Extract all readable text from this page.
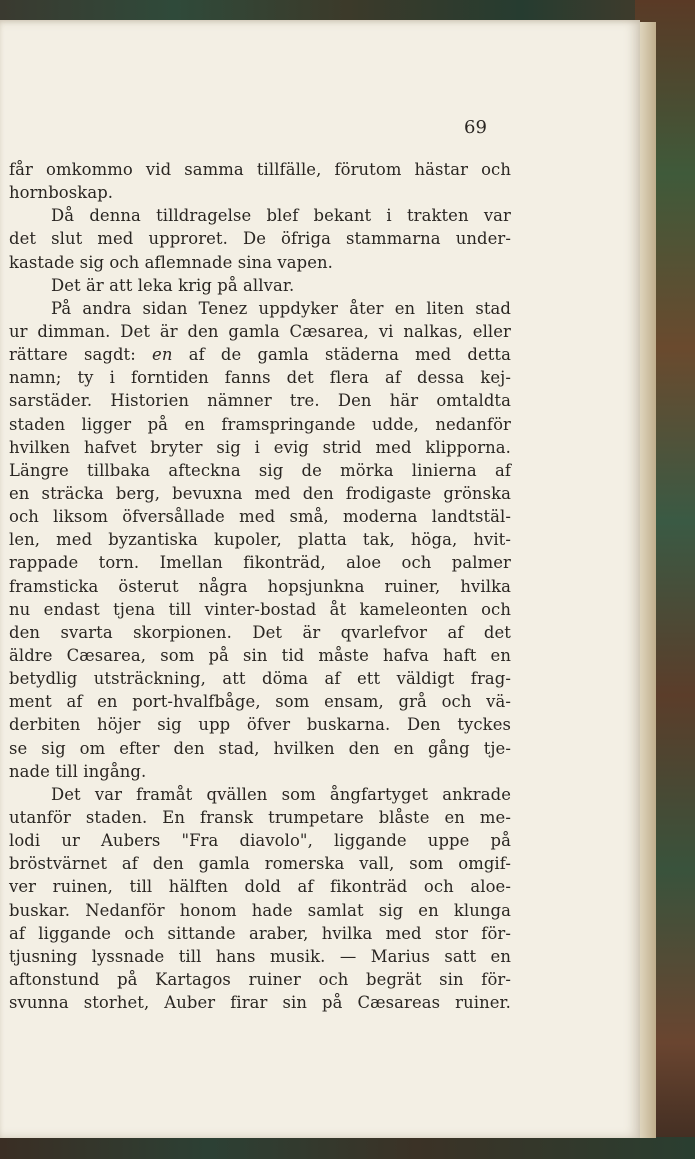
69
får omkommo vid samma tillfälle, förutom hästar och
hornboskap.
Då denna tilldragelse blef bekant i trakten var
det slut med upproret. De öfriga stammarna under-
kastade sig och aflemnade sina vapen.
Det är att leka krig på allvar.
På andra sidan Tenez uppdyker åter en liten stad
ur dimman. Det är den gamla Cæsarea, vi nalkas, eller
rättare sagdt: en af de gamla städerna med detta
namn; ty i forntiden fanns det flera af dessa kej-
sarstäder. Historien nämner tre. Den här omtaldta
staden ligger på en framspringande udde, nedanför
hvilken hafvet bryter sig i evig strid med klipporna.
Längre tillbaka afteckna sig de mörka linierna af
en sträcka berg, bevuxna med den frodigaste grönska
och liksom öfversållade med små, moderna landtstäl-
len, med byzantiska kupoler, platta tak, höga, hvit-
rappade torn. Imellan fikonträd, aloe och palmer
framsticka österut några hopsjunkna ruiner, hvilka
nu endast tjena till vinter-bostad åt kameleonten och
den svarta skorpionen. Det är qvarlefvor af det
äldre Cæsarea, som på sin tid måste hafva haft en
betydlig utsträckning, att döma af ett väldigt frag-
ment af en port-hvalfbåge, som ensam, grå och vä-
derbiten höjer sig upp öfver buskarna. Den tyckes
se sig om efter den stad, hvilken den en gång tje-
nade till ingång.
Det var framåt qvällen som ångfartyget ankrade
utanför staden. En fransk trumpetare blåste en me-
lodi ur Aubers "Fra diavolo", liggande uppe på
bröstvärnet af den gamla romerska vall, som omgif-
ver ruinen, till hälften dold af fikonträd och aloe-
buskar. Nedanför honom hade samlat sig en klunga
af liggande och sittande araber, hvilka med stor för-
tjusning lyssnade till hans musik. — Marius satt en
aftonstund på Kartagos ruiner och begrät sin för-
svunna storhet, Auber firar sin på Cæsareas ruiner.
